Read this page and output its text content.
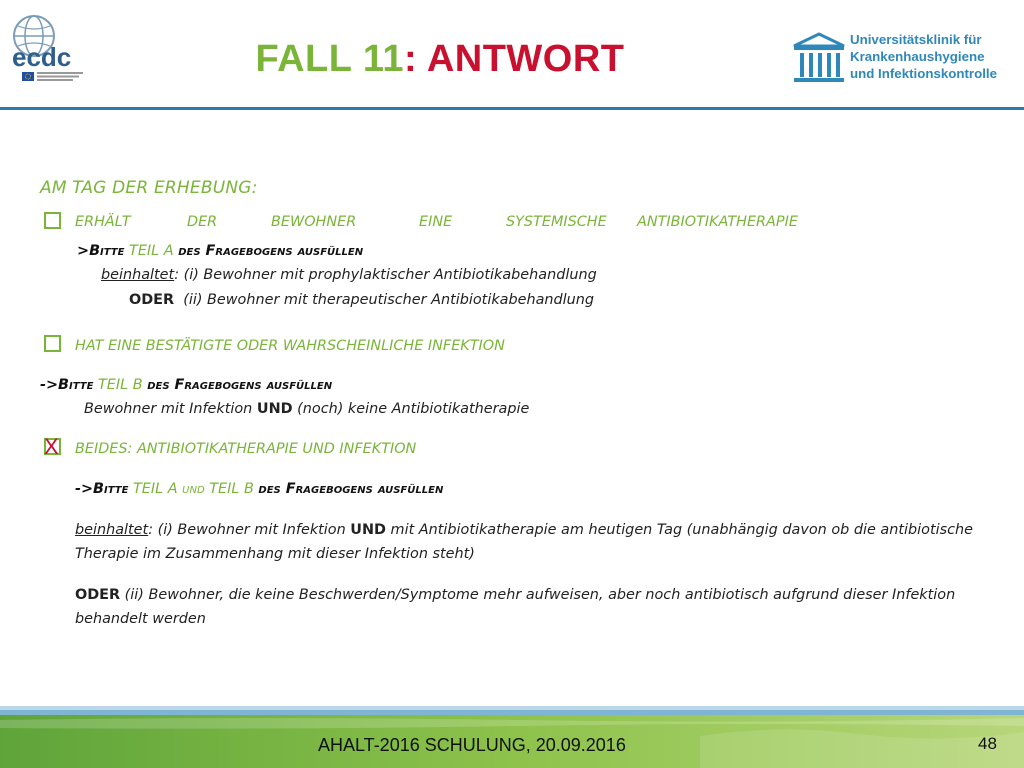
ecdc	FALL 11: ANTWORT	Universitätsklinik für
Krankenhaushygiene
und Infektionskontrolle
AM TAG DER ERHEBUNG:
ERHÄLT	DER	BEWOHNER	EINE	SYSTEMISCHE ANTIBIOTIKATHERAPIE
>Bitte TEIL A des Fragebogens ausfüllen
beinhaltet: (i) Bewohner mit prophylaktischer Antibiotikabehandlung
ODER (ii) Bewohner mit therapeutischer Antibiotikabehandlung
HAT EINE BESTÄTIGTE ODER WAHRSCHEINLICHE INFEKTION
->Bitte TEIL B des Fragebogens ausfüllen
Bewohner mit Infektion UND (noch) keine Antibiotikatherapie
X BEIDES: ANTIBIOTIKATHERAPIE UND INFEKTION
->Bitte TEIL A und TEIL B des Fragebogens ausfüllen
beinhaltet: (i) Bewohner mit Infektion UND mit Antibiotikatherapie am heutigen Tag (unabhängig davon ob die antibiotische
Therapie im Zusammenhang mit dieser Infektion steht)
ODER (ii) Bewohner, die keine Beschwerden/Symptome mehr aufweisen, aber noch antibiotisch aufgrund dieser Infektion
behandelt werden
AHALT-2016 SCHULUNG, 20.09.2016	48
